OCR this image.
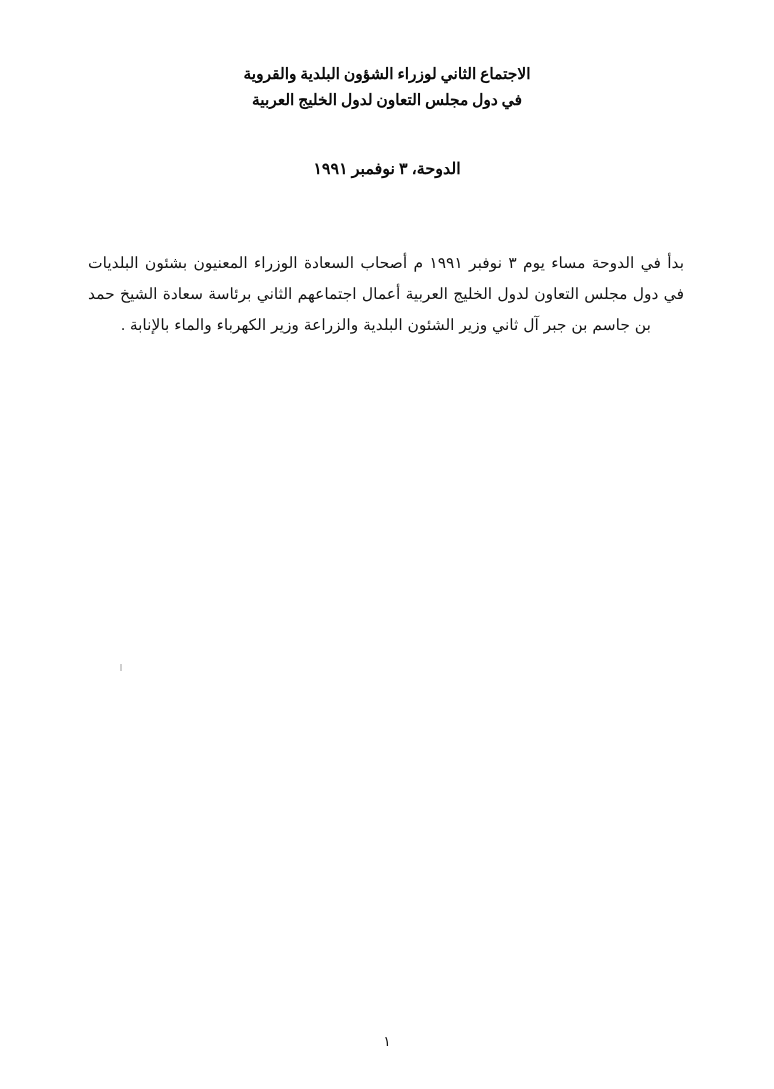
الاجتماع الثاني لوزراء الشؤون البلدية والقروية
في دول مجلس التعاون لدول الخليج العربية
الدوحة، ٣ نوفمبر ١٩٩١

بدأ في الدوحة مساء يوم ٣ نوفبر ١٩٩١ م أصحاب السعادة الوزراء المعنيون بشئون البلديات في دول مجلس التعاون لدول الخليج العربية أعمال اجتماعهم الثاني برئاسة سعادة الشيخ حمد بن جاسم بن جبر آل ثاني وزير الشئون البلدية والزراعة وزير الكهرباء والماء بالإنابة .

١
